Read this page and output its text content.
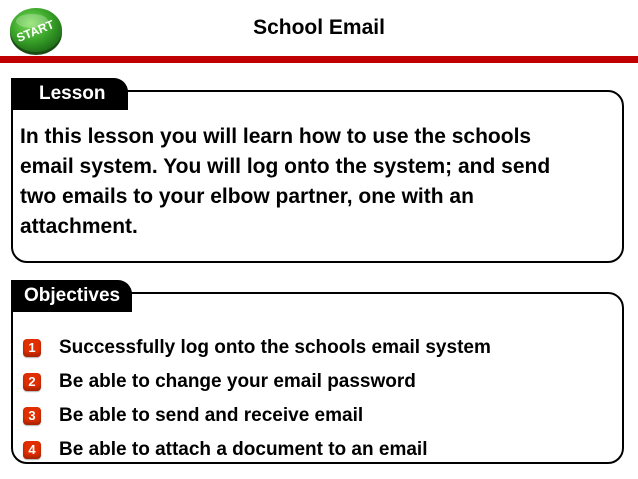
START	School Email
Lesson
In this lesson you will learn how to use the schools email system. You will log onto the system; and send two emails to your elbow partner, one with an attachment.
Objectives
1 Successfully log onto the schools email system
2 Be able to change your email password
3 Be able to send and receive email
4 Be able to attach a document to an email
